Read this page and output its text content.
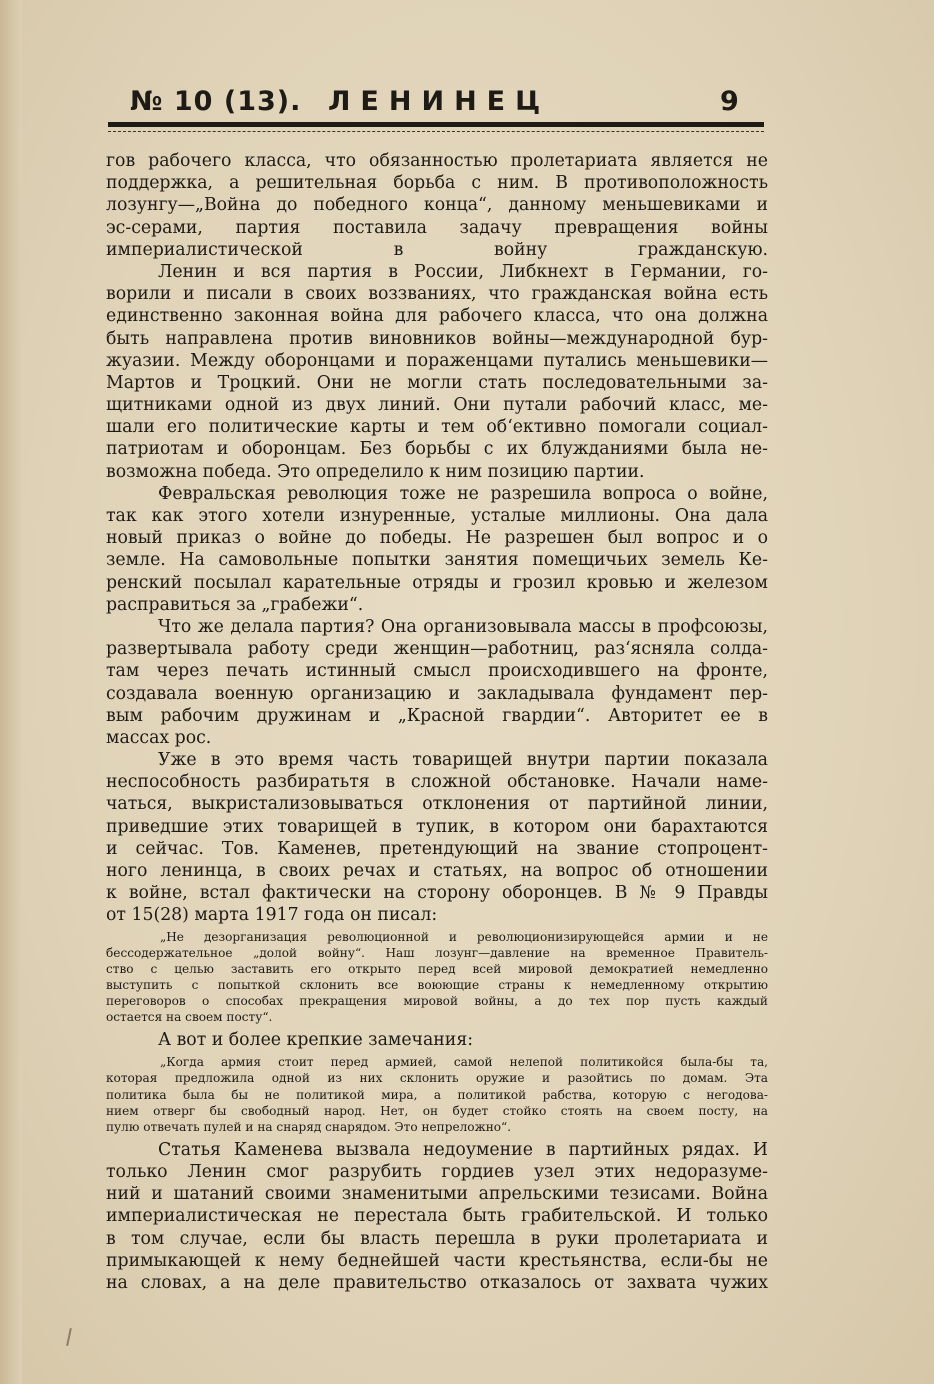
№ 10 (13). ЛЕНИНЕЦ	9
гов рабочего класса, что обязанностью пролетариата является не
поддержка, а решительная борьба с ним. В противоположность
лозунгу—„Война до победного конца“, данному меньшевиками и
эс-серами, партия поставила задачу превращения войны
империалистической в войну гражданскую.
Ленин и вся партия в России, Либкнехт в Германии, го-
ворили и писали в своих воззваниях, что гражданская война есть
единственно законная война для рабочего класса, что она должна
быть направлена против виновников войны—международной бур-
жуазии. Между оборонцами и пораженцами путались меньшевики—
Мартов и Троцкий. Они не могли стать последовательными за-
щитниками одной из двух линий. Они путали рабочий класс, ме-
шали его политические карты и тем об‘ективно помогали социал-
патриотам и оборонцам. Без борьбы с их блужданиями была не-
возможна победа. Это определило к ним позицию партии.
Февральская революция тоже не разрешила вопроса о войне,
так как этого хотели изнуренные, усталые миллионы. Она дала
новый приказ о войне до победы. Не разрешен был вопрос и о
земле. На самовольные попытки занятия помещичьих земель Ке-
ренский посылал карательные отряды и грозил кровью и железом
расправиться за „грабежи“.
Что же делала партия? Она организовывала массы в профсоюзы,
развертывала работу среди женщин—работниц, раз‘ясняла солда-
там через печать истинный смысл происходившего на фронте,
создавала военную организацию и закладывала фундамент пер-
вым рабочим дружинам и „Красной гвардии“. Авторитет ее в
массах рос.
Уже в это время часть товарищей внутри партии показала
неспособность разбиратьтя в сложной обстановке. Начали наме-
чаться, выкристализовываться отклонения от партийной линии,
приведшие этих товарищей в тупик, в котором они барахтаются
и сейчас. Тов. Каменев, претендующий на звание стопроцент-
ного ленинца, в своих речах и статьях, на вопрос об отношении
к войне, встал фактически на сторону оборонцев. В № 9 Правды
от 15(28) марта 1917 года он писал:
„Не дезорганизация революционной и революционизирующейся армии и не
бессодержательное „долой войну“. Наш лозунг—давление на временное Правитель-
ство с целью заставить его открыто перед всей мировой демократией немедленно
выступить с попыткой склонить все воюющие страны к немедленному открытию
переговоров о способах прекращения мировой войны, а до тех пор пусть каждый
остается на своем посту“.
А вот и более крепкие замечания:
„Когда армия стоит перед армией, самой нелепой политикойся была-бы та,
которая предложила одной из них склонить оружие и разойтись по домам. Эта
политика была бы не политикой мира, а политикой рабства, которую с негодова-
нием отверг бы свободный народ. Нет, он будет стойко стоять на своем посту, на
пулю отвечать пулей и на снаряд снарядом. Это непреложно“.
Статья Каменева вызвала недоумение в партийных рядах. И
только Ленин смог разрубить гордиев узел этих недоразуме-
ний и шатаний своими знаменитыми апрельскими тезисами. Война
империалистическая не перестала быть грабительской. И только
в том случае, если бы власть перешла в руки пролетариата и
примыкающей к нему беднейшей части крестьянства, если-бы не
на словах, а на деле правительство отказалось от захвата чужих
